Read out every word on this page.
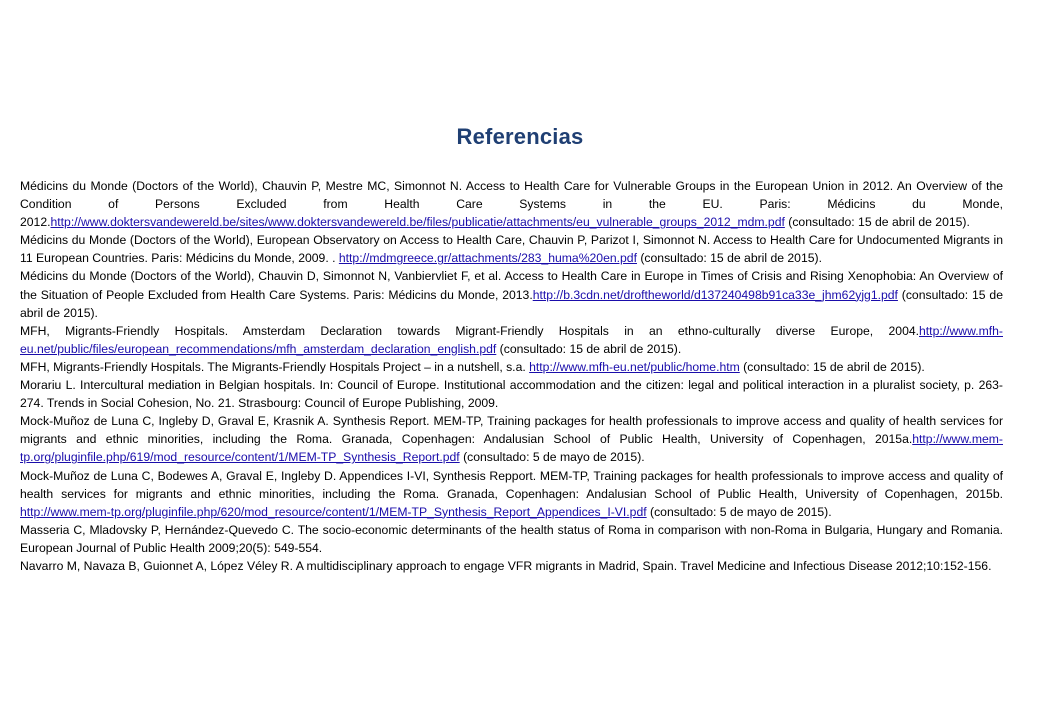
Referencias

Médicins du Monde (Doctors of the World), Chauvin P, Mestre MC, Simonnot N. Access to Health Care for Vulnerable Groups in the European Union in 2012. An Overview of the Condition of Persons Excluded from Health Care Systems in the EU. Paris: Médicins du Monde, 2012.http://www.doktersvandewereld.be/sites/www.doktersvandewereld.be/files/publicatie/attachments/eu_vulnerable_groups_2012_mdm.pdf (consultado: 15 de abril de 2015).

Médicins du Monde (Doctors of the World), European Observatory on Access to Health Care, Chauvin P, Parizot I, Simonnot N. Access to Health Care for Undocumented Migrants in 11 European Countries. Paris: Médicins du Monde, 2009. . http://mdmgreece.gr/attachments/283_huma%20en.pdf (consultado: 15 de abril de 2015).

Médicins du Monde (Doctors of the World), Chauvin D, Simonnot N, Vanbiervliet F, et al. Access to Health Care in Europe in Times of Crisis and Rising Xenophobia: An Overview of the Situation of People Excluded from Health Care Systems. Paris: Médicins du Monde, 2013.http://b.3cdn.net/droftheworld/d137240498b91ca33e_jhm62yjg1.pdf (consultado: 15 de abril de 2015).

MFH, Migrants-Friendly Hospitals. Amsterdam Declaration towards Migrant-Friendly Hospitals in an ethno-culturally diverse Europe, 2004.http://www.mfh-eu.net/public/files/european_recommendations/mfh_amsterdam_declaration_english.pdf (consultado: 15 de abril de 2015).

MFH, Migrants-Friendly Hospitals. The Migrants-Friendly Hospitals Project – in a nutshell, s.a. http://www.mfh-eu.net/public/home.htm (consultado: 15 de abril de 2015).

Morariu L. Intercultural mediation in Belgian hospitals. In: Council of Europe. Institutional accommodation and the citizen: legal and political interaction in a pluralist society, p. 263-274. Trends in Social Cohesion, No. 21. Strasbourg: Council of Europe Publishing, 2009.

Mock-Muñoz de Luna C, Ingleby D, Graval E, Krasnik A. Synthesis Report. MEM-TP, Training packages for health professionals to improve access and quality of health services for migrants and ethnic minorities, including the Roma. Granada, Copenhagen: Andalusian School of Public Health, University of Copenhagen, 2015a.http://www.mem-tp.org/pluginfile.php/619/mod_resource/content/1/MEM-TP_Synthesis_Report.pdf (consultado: 5 de mayo de 2015).

Mock-Muñoz de Luna C, Bodewes A, Graval E, Ingleby D. Appendices I-VI, Synthesis Repport. MEM-TP, Training packages for health professionals to improve access and quality of health services for migrants and ethnic minorities, including the Roma. Granada, Copenhagen: Andalusian School of Public Health, University of Copenhagen, 2015b. http://www.mem-tp.org/pluginfile.php/620/mod_resource/content/1/MEM-TP_Synthesis_Report_Appendices_I-VI.pdf (consultado: 5 de mayo de 2015).

Masseria C, Mladovsky P, Hernández-Quevedo C. The socio-economic determinants of the health status of Roma in comparison with non-Roma in Bulgaria, Hungary and Romania. European Journal of Public Health 2009;20(5): 549-554.

Navarro M, Navaza B, Guionnet A, López Véley R. A multidisciplinary approach to engage VFR migrants in Madrid, Spain. Travel Medicine and Infectious Disease 2012;10:152-156.
